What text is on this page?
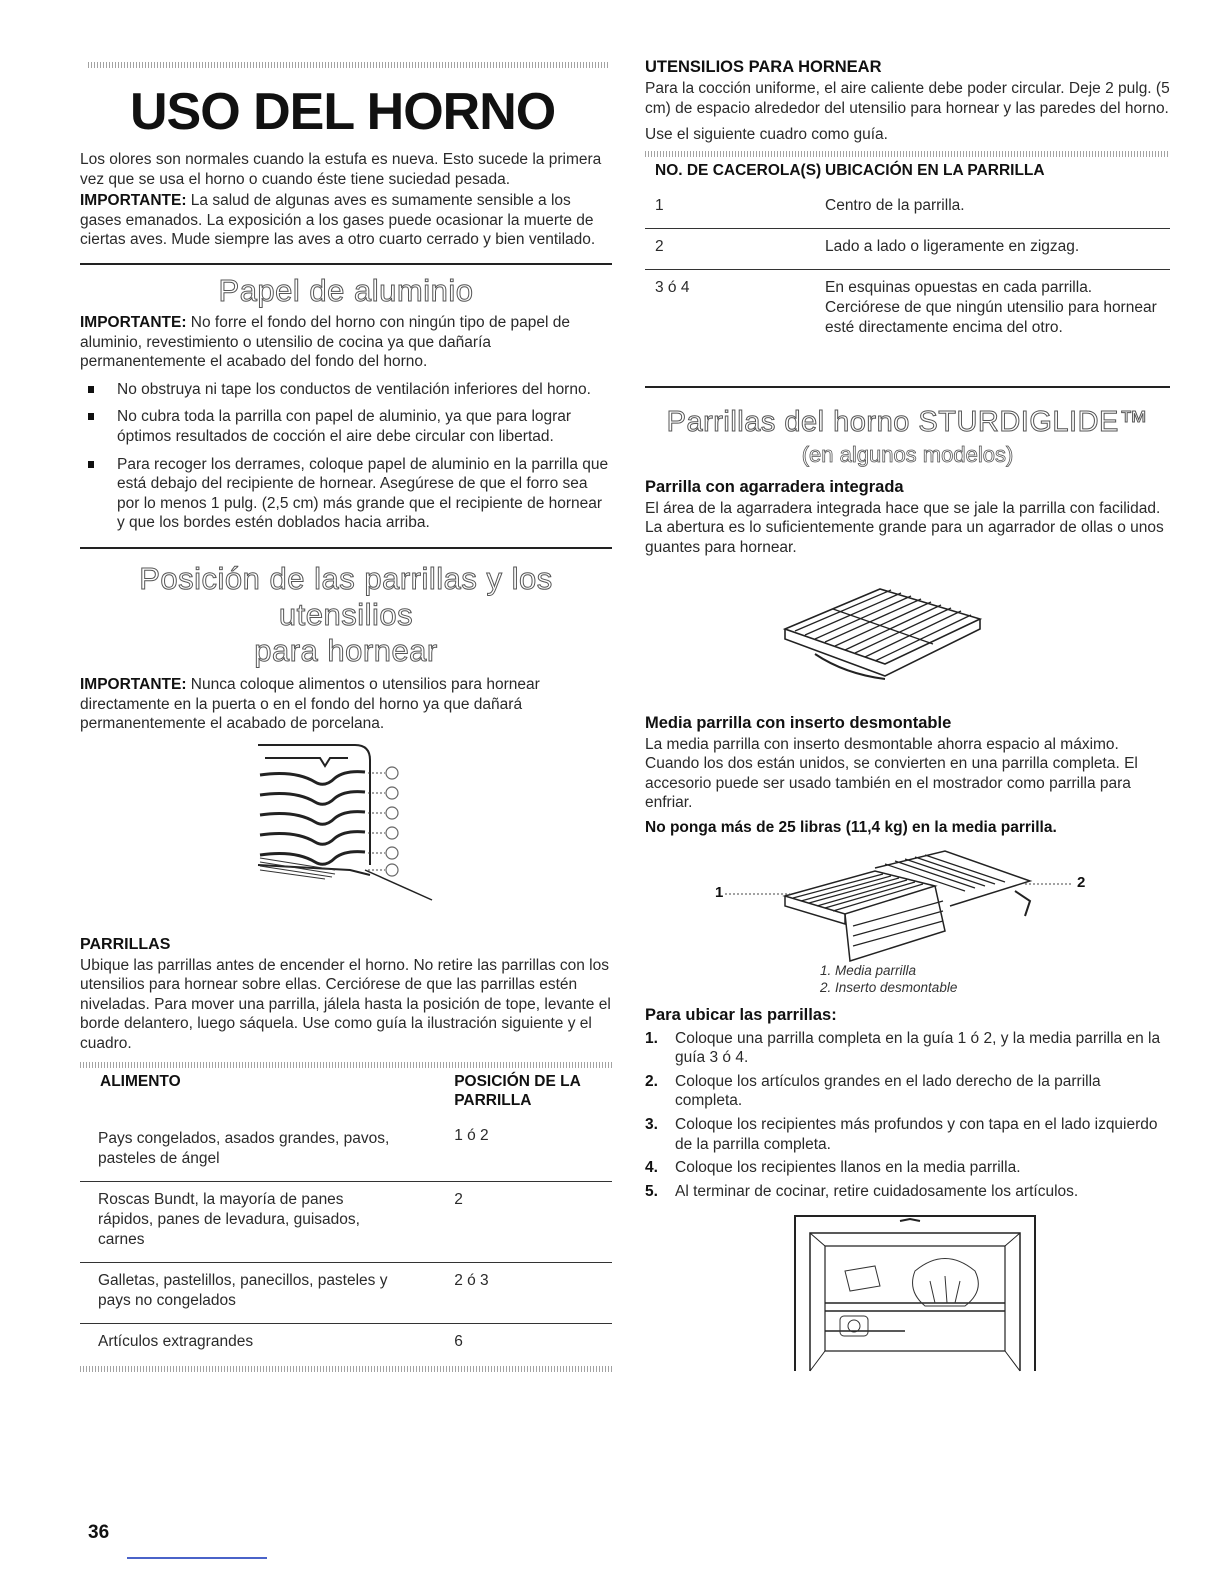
USO DEL HORNO

Los olores son normales cuando la estufa es nueva. Esto sucede la primera vez que se usa el horno o cuando éste tiene suciedad pesada.

IMPORTANTE: La salud de algunas aves es sumamente sensible a los gases emanados. La exposición a los gases puede ocasionar la muerte de ciertas aves. Mude siempre las aves a otro cuarto cerrado y bien ventilado.

Papel de aluminio

IMPORTANTE: No forre el fondo del horno con ningún tipo de papel de aluminio, revestimiento o utensilio de cocina ya que dañaría permanentemente el acabado del fondo del horno.

No obstruya ni tape los conductos de ventilación inferiores del horno.
No cubra toda la parrilla con papel de aluminio, ya que para lograr óptimos resultados de cocción el aire debe circular con libertad.
Para recoger los derrames, coloque papel de aluminio en la parrilla que está debajo del recipiente de hornear. Asegúrese de que el forro sea por lo menos 1 pulg. (2,5 cm) más grande que el recipiente de hornear y que los bordes estén doblados hacia arriba.
Posición de las parrillas y los utensilios
para hornear

IMPORTANTE: Nunca coloque alimentos o utensilios para hornear directamente en la puerta o en el fondo del horno ya que dañará permanentemente el acabado de porcelana.

PARRILLAS

Ubique las parrillas antes de encender el horno. No retire las parrillas con los utensilios para hornear sobre ellas. Cerciórese de que las parrillas estén niveladas. Para mover una parrilla, jálela hasta la posición de tope, levante el borde delantero, luego sáquela. Use como guía la ilustración siguiente y el cuadro.

ALIMENTO	POSICIÓN DE LA PARRILLA
Pays congelados, asados grandes, pavos, pasteles de ángel	1 ó 2
Roscas Bundt, la mayoría de panes rápidos, panes de levadura, guisados, carnes	2
Galletas, pastelillos, panecillos, pasteles y pays no congelados	2 ó 3
Artículos extragrandes	6
UTENSILIOS PARA HORNEAR

Para la cocción uniforme, el aire caliente debe poder circular. Deje 2 pulg. (5 cm) de espacio alrededor del utensilio para hornear y las paredes del horno.

Use el siguiente cuadro como guía.

NO. DE CACEROLA(S)	UBICACIÓN EN LA PARRILLA
1	Centro de la parrilla.
2	Lado a lado o ligeramente en zigzag.
3 ó 4	En esquinas opuestas en cada parrilla. Cerciórese de que ningún utensilio para hornear esté directamente encima del otro.
Parrillas del horno STURDIGLIDE™
(en algunos modelos)
Parrilla con agarradera integrada

El área de la agarradera integrada hace que se jale la parrilla con facilidad. La abertura es lo suficientemente grande para un agarrador de ollas o unos guantes para hornear.

Media parrilla con inserto desmontable

La media parrilla con inserto desmontable ahorra espacio al máximo. Cuando los dos están unidos, se convierten en una parrilla completa. El accesorio puede ser usado también en el mostrador como parrilla para enfriar.

No ponga más de 25 libras (11,4 kg) en la media parrilla.

1
2
1. Media parrilla
2. Inserto desmontable
Para ubicar las parrillas:
1. Coloque una parrilla completa en la guía 1 ó 2, y la media parrilla en la guía 3 ó 4.
2. Coloque los artículos grandes en el lado derecho de la parrilla completa.
3. Coloque los recipientes más profundos y con tapa en el lado izquierdo de la parrilla completa.
4. Coloque los recipientes llanos en la media parrilla.
5. Al terminar de cocinar, retire cuidadosamente los artículos.
36
